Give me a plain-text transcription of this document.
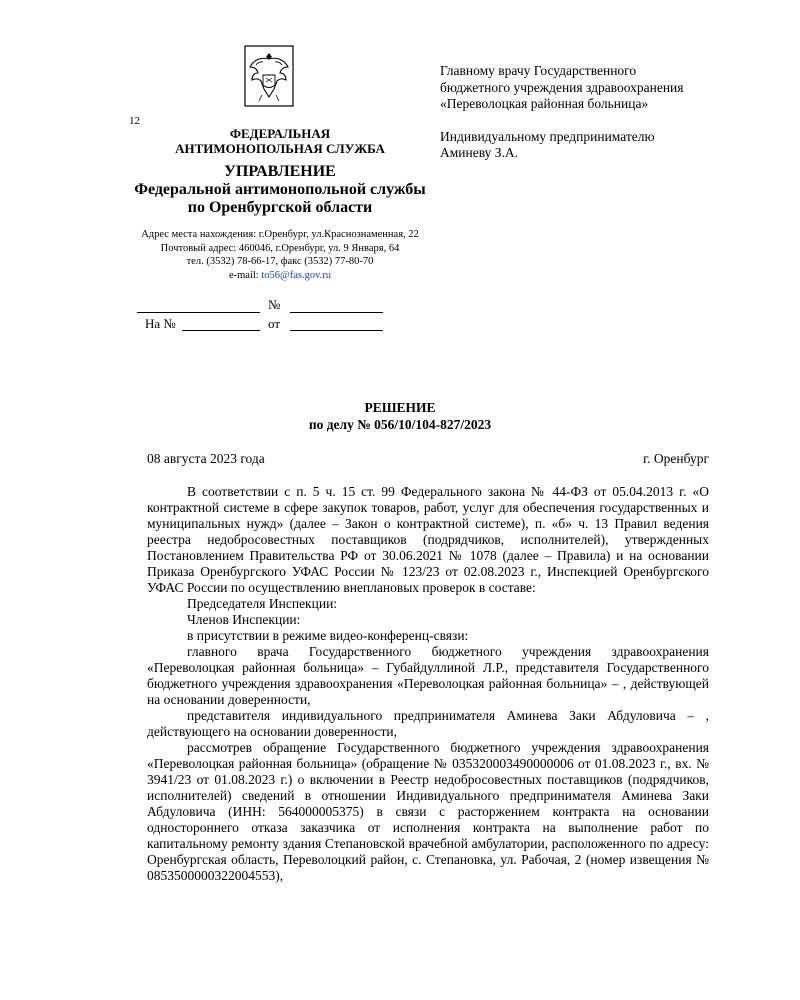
12
ФЕДЕРАЛЬНАЯ
АНТИМОНОПОЛЬНАЯ СЛУЖБА
УПРАВЛЕНИЕ
Федеральной антимонопольной службы
по Оренбургской области
Адрес места нахождения: г.Оренбург, ул.Краснознаменная, 22
Почтовый адрес: 460046, г.Оренбург, ул. 9 Января, 64
тел. (3532) 78-66-17, факс (3532) 77-80-70
e-mail: to56@fas.gov.ru
№
На №	от
Главному врачу Государственного
бюджетного учреждения здравоохранения
«Переволоцкая районная больница»
Индивидуальному предпринимателю
Аминеву З.А.
РЕШЕНИЕ
по делу № 056/10/104-827/2023
08 августа 2023 года	г. Оренбург

В соответствии с п. 5 ч. 15 ст. 99 Федерального закона № 44-ФЗ от 05.04.2013 г. «О контрактной системе в сфере закупок товаров, работ, услуг для обеспечения государственных и муниципальных нужд» (далее – Закон о контрактной системе), п. «б» ч. 13 Правил ведения реестра недобросовестных поставщиков (подрядчиков, исполнителей), утвержденных Постановлением Правительства РФ от 30.06.2021 № 1078 (далее – Правила) и на основании Приказа Оренбургского УФАС России № 123/23 от 02.08.2023 г., Инспекцией Оренбургского УФАС России по осуществлению внеплановых проверок в составе:

Председателя Инспекции:

Членов Инспекции:

в присутствии в режиме видео-конференц-связи:

главного врача Государственного бюджетного учреждения здравоохранения «Переволоцкая районная больница» – Губайдуллиной Л.Р., представителя Государственного бюджетного учреждения здравоохранения «Переволоцкая районная больница» – , действующей на основании доверенности,

представителя индивидуального предпринимателя Аминева Заки Абдуловича – , действующего на основании доверенности,

рассмотрев обращение Государственного бюджетного учреждения здравоохранения «Переволоцкая районная больница» (обращение № 035320003490000006 от 01.08.2023 г., вх. № 3941/23 от 01.08.2023 г.) о включении в Реестр недобросовестных поставщиков (подрядчиков, исполнителей) сведений в отношении Индивидуального предпринимателя Аминева Заки Абдуловича (ИНН: 564000005375) в связи с расторжением контракта на основании одностороннего отказа заказчика от исполнения контракта на выполнение работ по капитальному ремонту здания Степановской врачебной амбулатории, расположенного по адресу: Оренбургская область, Переволоцкий район, с. Степановка, ул. Рабочая, 2 (номер извещения № 0853500000322004553),
